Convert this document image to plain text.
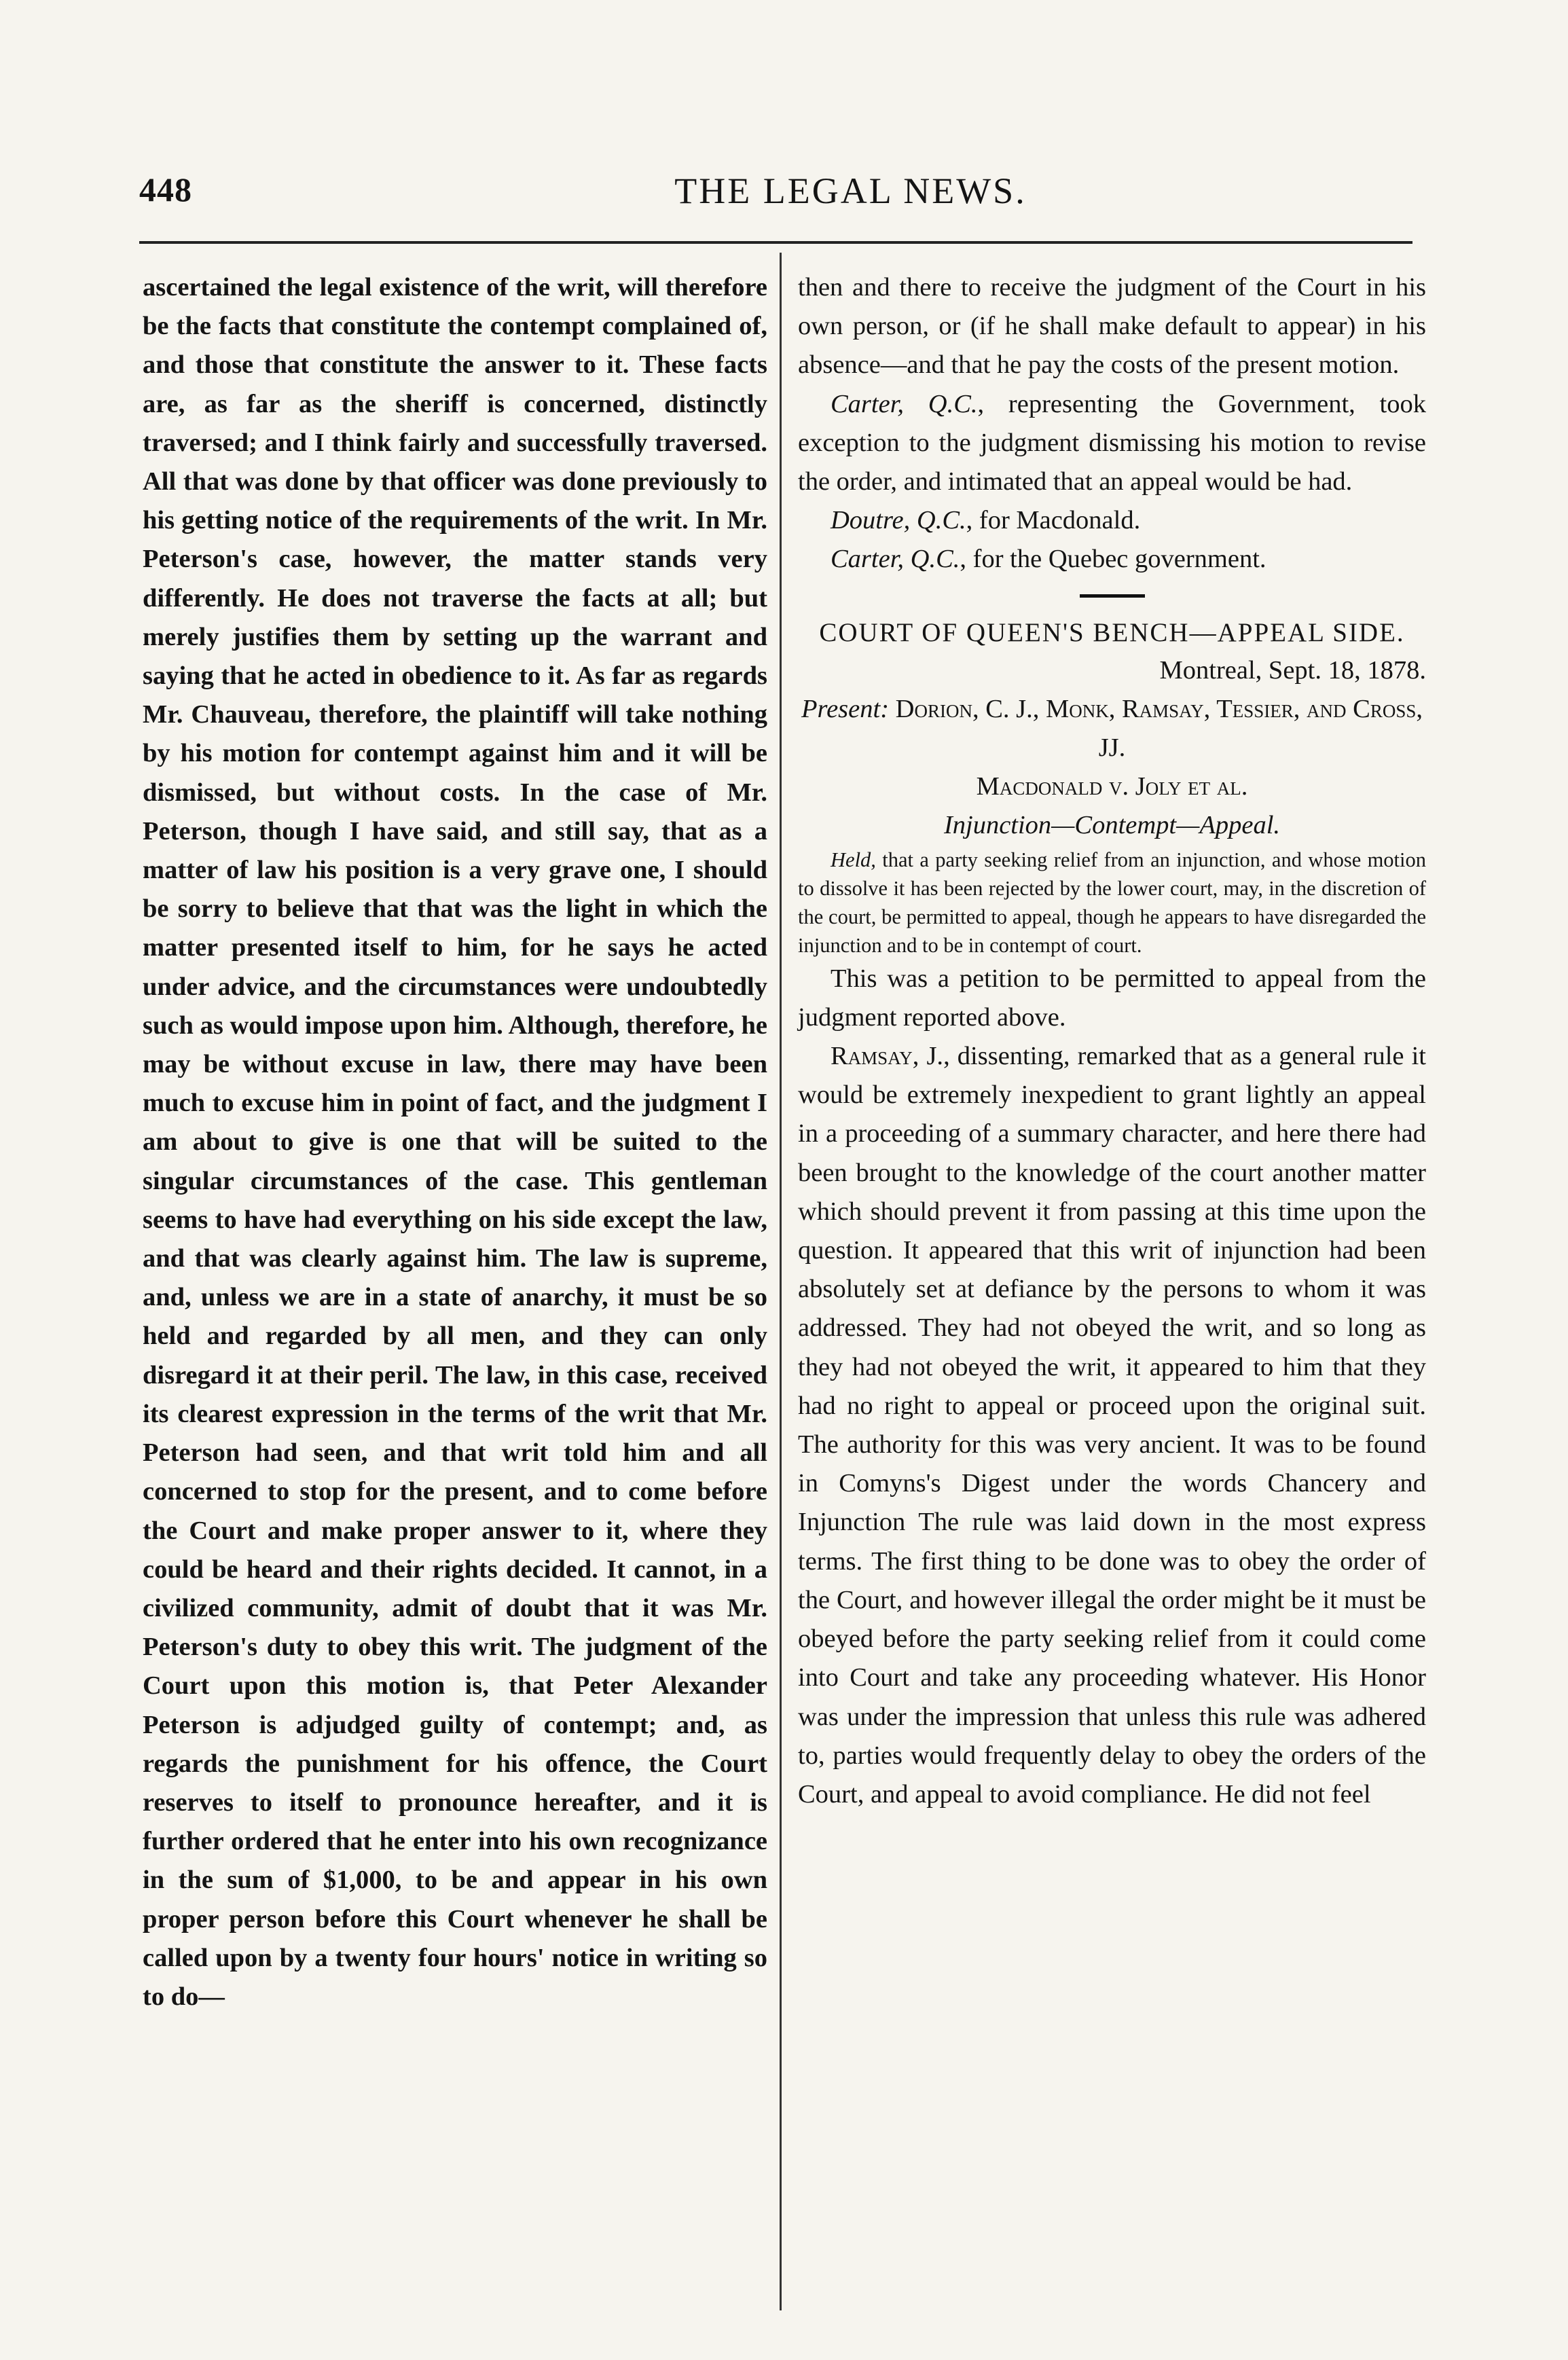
448	THE LEGAL NEWS.

ascertained the legal existence of the writ, will therefore be the facts that constitute the contempt complained of, and those that constitute the answer to it. These facts are, as far as the sheriff is concerned, distinctly traversed; and I think fairly and successfully traversed. All that was done by that officer was done previously to his getting notice of the requirements of the writ. In Mr. Peterson's case, however, the matter stands very differently. He does not traverse the facts at all; but merely justifies them by setting up the warrant and saying that he acted in obedience to it. As far as regards Mr. Chauveau, therefore, the plaintiff will take nothing by his motion for contempt against him and it will be dismissed, but without costs. In the case of Mr. Peterson, though I have said, and still say, that as a matter of law his position is a very grave one, I should be sorry to believe that that was the light in which the matter presented itself to him, for he says he acted under advice, and the circumstances were undoubtedly such as would impose upon him. Although, therefore, he may be without excuse in law, there may have been much to excuse him in point of fact, and the judgment I am about to give is one that will be suited to the singular circumstances of the case. This gentleman seems to have had everything on his side except the law, and that was clearly against him. The law is supreme, and, unless we are in a state of anarchy, it must be so held and regarded by all men, and they can only disregard it at their peril. The law, in this case, received its clearest expression in the terms of the writ that Mr. Peterson had seen, and that writ told him and all concerned to stop for the present, and to come before the Court and make proper answer to it, where they could be heard and their rights decided. It cannot, in a civilized community, admit of doubt that it was Mr. Peterson's duty to obey this writ. The judgment of the Court upon this motion is, that Peter Alexander Peterson is adjudged guilty of contempt; and, as regards the punishment for his offence, the Court reserves to itself to pronounce hereafter, and it is further ordered that he enter into his own recognizance in the sum of $1,000, to be and appear in his own proper person before this Court whenever he shall be called upon by a twenty four hours' notice in writing so to do—

then and there to receive the judgment of the Court in his own person, or (if he shall make default to appear) in his absence—and that he pay the costs of the present motion.

Carter, Q.C., representing the Government, took exception to the judgment dismissing his motion to revise the order, and intimated that an appeal would be had.

Doutre, Q.C., for Macdonald.

Carter, Q.C., for the Quebec government.

COURT OF QUEEN'S BENCH—APPEAL SIDE.

Montreal, Sept. 18, 1878.

Present: Dorion, C. J., Monk, Ramsay, Tessier, and Cross, JJ.

Macdonald v. Joly et al.

Injunction—Contempt—Appeal.

Held, that a party seeking relief from an injunction, and whose motion to dissolve it has been rejected by the lower court, may, in the discretion of the court, be permitted to appeal, though he appears to have disregarded the injunction and to be in contempt of court.

This was a petition to be permitted to appeal from the judgment reported above.

Ramsay, J., dissenting, remarked that as a general rule it would be extremely inexpedient to grant lightly an appeal in a proceeding of a summary character, and here there had been brought to the knowledge of the court another matter which should prevent it from passing at this time upon the question. It appeared that this writ of injunction had been absolutely set at defiance by the persons to whom it was addressed. They had not obeyed the writ, and so long as they had not obeyed the writ, it appeared to him that they had no right to appeal or proceed upon the original suit. The authority for this was very ancient. It was to be found in Comyns's Digest under the words Chancery and Injunction The rule was laid down in the most express terms. The first thing to be done was to obey the order of the Court, and however illegal the order might be it must be obeyed before the party seeking relief from it could come into Court and take any proceeding whatever. His Honor was under the impression that unless this rule was adhered to, parties would frequently delay to obey the orders of the Court, and appeal to avoid compliance. He did not feel
